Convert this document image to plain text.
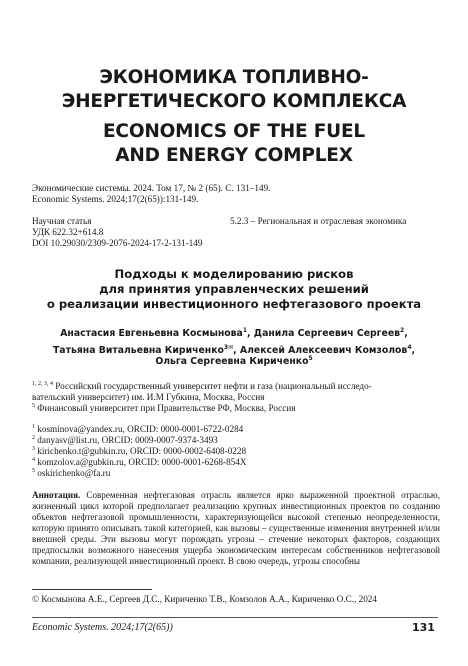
ЭКОНОМИКА ТОПЛИВНО-
ЭНЕРГЕТИЧЕСКОГО КОМПЛЕКСА
ECONOMICS OF THE FUEL
AND ENERGY COMPLEX
Экономические системы. 2024. Том 17, № 2 (65). С. 131–149.
Economic Systems. 2024;17(2(65)):131-149.
Научная статья	5.2.3 – Региональная и отраслевая экономика
УДК 622.32+614.8
DOI 10.29030/2309-2076-2024-17-2-131-149
Подходы к моделированию рисков
для принятия управленческих решений
о реализации инвестиционного нефтегазового проекта
Анастасия Евгеньевна Космынова$^1$, Данила Сергеевич Сергеев$^2$,
Татьяна Витальевна Кириченко$^{3✉}$, Алексей Алексеевич Комзолов$^4$,
Ольга Сергеевна Кириченко$^5$
$^{1, 2, 3, 4}$ Российский государственный университет нефти и газа (национальный исследо-
вательский университет) им. И.М Губкина, Москва, Россия
$^5$ Финансовый университет при Правительстве РФ, Москва, Россия
$^1$ kosminova@yandex.ru, ORCID: 0000-0001-6722-0284
$^2$ danyasv@list.ru, ORCID: 0009-0007-9374-3493
$^3$ kirichenko.t@gubkin.ru, ORCID: 0000-0002-6408-0228
$^4$ komzolov.a@gubkin.ru, ORCID: 0000-0001-6268-854X
$^5$ oskirichenko@fa.ru
Аннотация. Современная нефтегазовая отрасль является ярко выраженной проектной отраслью, жизненный цикл которой предполагает реализацию крупных инвестиционных проектов по созданию объектов нефтегазовой промышленности, характеризующейся высокой степенью неопределенности, которую принято описывать такой категорией, как вызовы – существенные изменения внутренней и/или внешней среды. Эти вызовы могут порождать угрозы – стечение некоторых факторов, создающих предпосылки возможного нанесения ущерба экономическим интересам собственников нефтегазовой компании, реализующей инвестиционный проект. В свою очередь, угрозы способны
© Космынова А.Е., Сергеев Д.С., Кириченко Т.В., Комзолов А.А., Кириченко О.С., 2024
Economic Systems. 2024;17(2(65))	131
